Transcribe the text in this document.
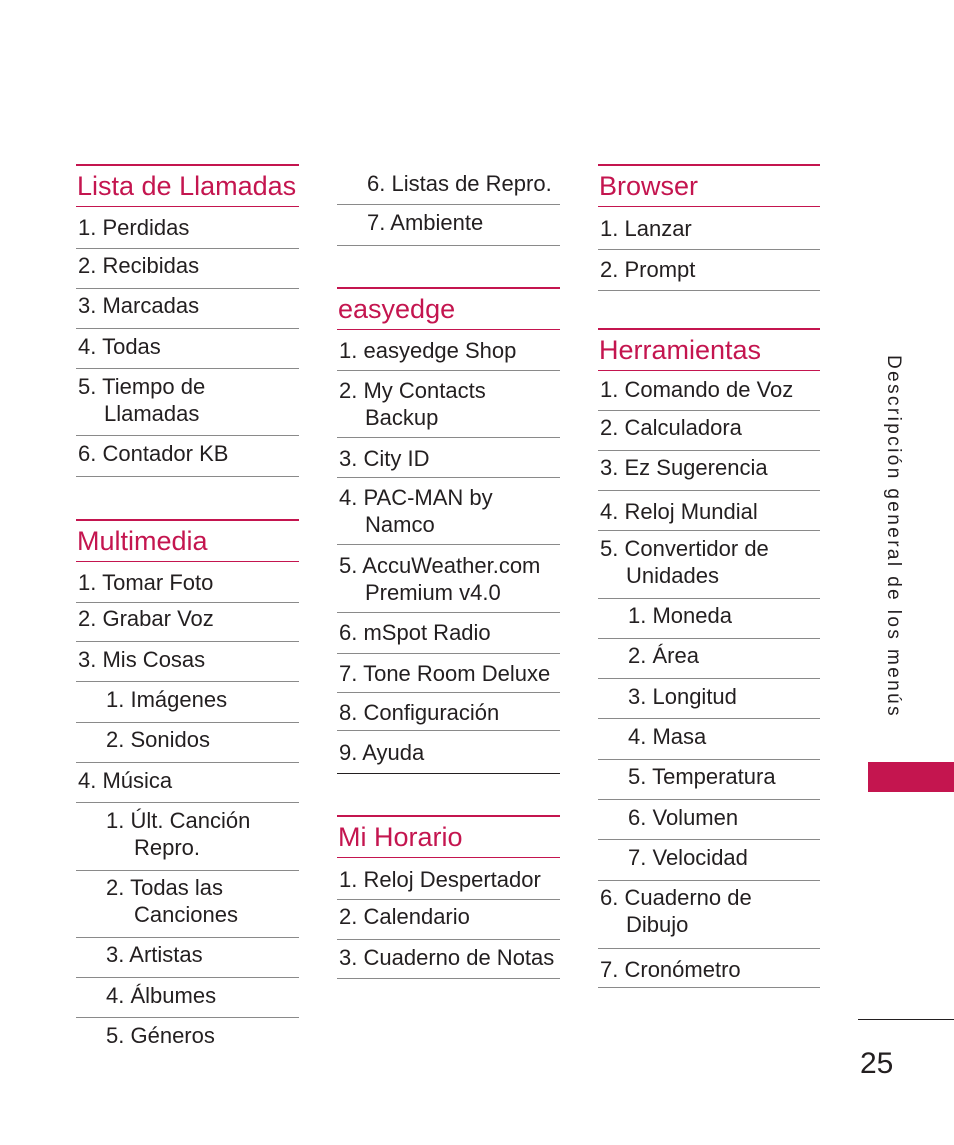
Lista de Llamadas
1. Perdidas
2. Recibidas
3. Marcadas
4. Todas
5. Tiempo de
Llamadas
6. Contador KB
Multimedia
1. Tomar Foto
2. Grabar Voz
3. Mis Cosas
1. Imágenes
2. Sonidos
4. Música
1. Últ. Canción
Repro.
2. Todas las
Canciones
3. Artistas
4. Álbumes
5. Géneros
6. Listas de Repro.
7. Ambiente
easyedge
1. easyedge Shop
2. My Contacts
Backup
3. City ID
4. PAC-MAN by
Namco
5. AccuWeather.com
Premium v4.0
6. mSpot Radio
7. Tone Room Deluxe
8. Configuración
9. Ayuda
Mi Horario
1. Reloj Despertador
2. Calendario
3. Cuaderno de Notas
Browser
1. Lanzar
2. Prompt
Herramientas
1. Comando de Voz
2. Calculadora
3. Ez Sugerencia
4. Reloj Mundial
5. Convertidor de
Unidades
1. Moneda
2. Área
3. Longitud
4. Masa
5. Temperatura
6. Volumen
7. Velocidad
6. Cuaderno de
Dibujo
7. Cronómetro
Descripción general de los menús
25
